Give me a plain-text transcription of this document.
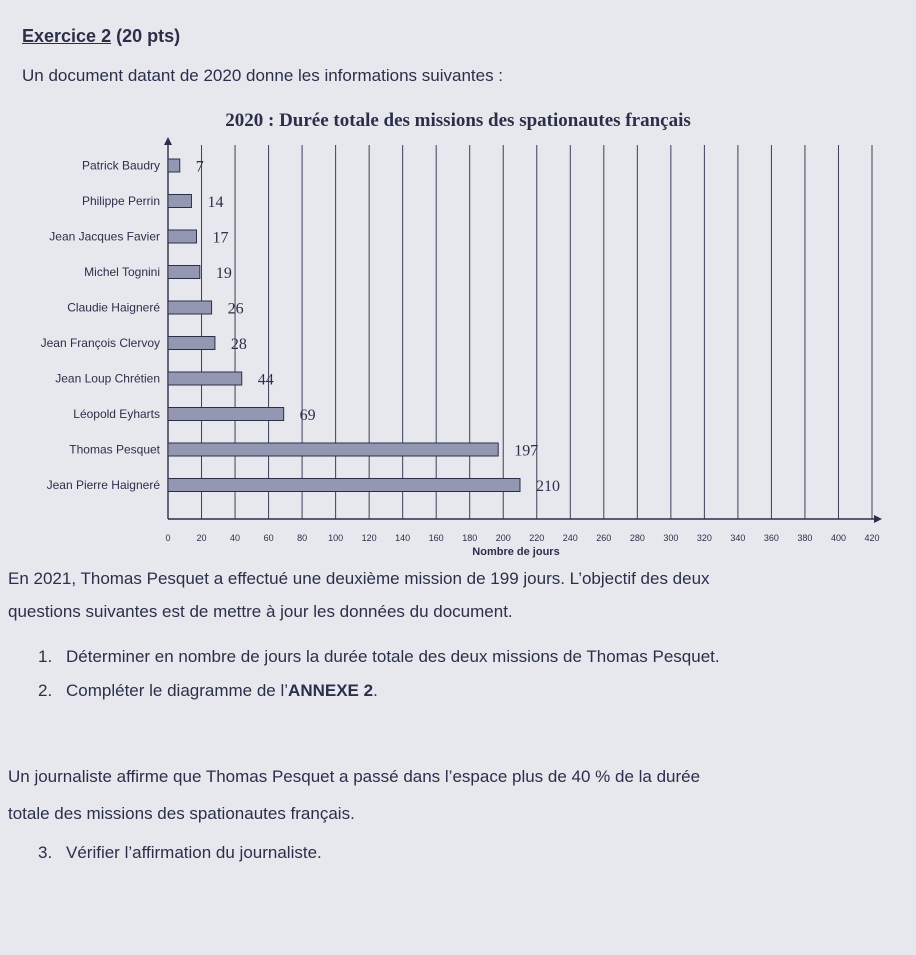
Exercice 2 (20 pts)
Un document datant de 2020 donne les informations suivantes :
2020 : Durée totale des missions des spationautes français
0	20	40	60	80 100 120 140 160 180 200 220 240 260 280 300 320 340 360 380 400 420
Nombre de jours
Patrick Baudry 7
Philippe Perrin	14
Jean Jacques Favier	17
Michel Tognini	19
Claudie Haigneré	26
Jean François Clervoy	28
Jean Loup Chrétien	44
Léopold Eyharts	69
Thomas Pesquet	197
Jean Pierre Haigneré	210
En 2021, Thomas Pesquet a effectué une deuxième mission de 199 jours. L’objectif des deux
questions suivantes est de mettre à jour les données du document.
1. Déterminer en nombre de jours la durée totale des deux missions de Thomas Pesquet.
2. Compléter le diagramme de l’ANNEXE 2.
Un journaliste affirme que Thomas Pesquet a passé dans l’espace plus de 40 % de la durée
totale des missions des spationautes français.
3. Vérifier l’affirmation du journaliste.
